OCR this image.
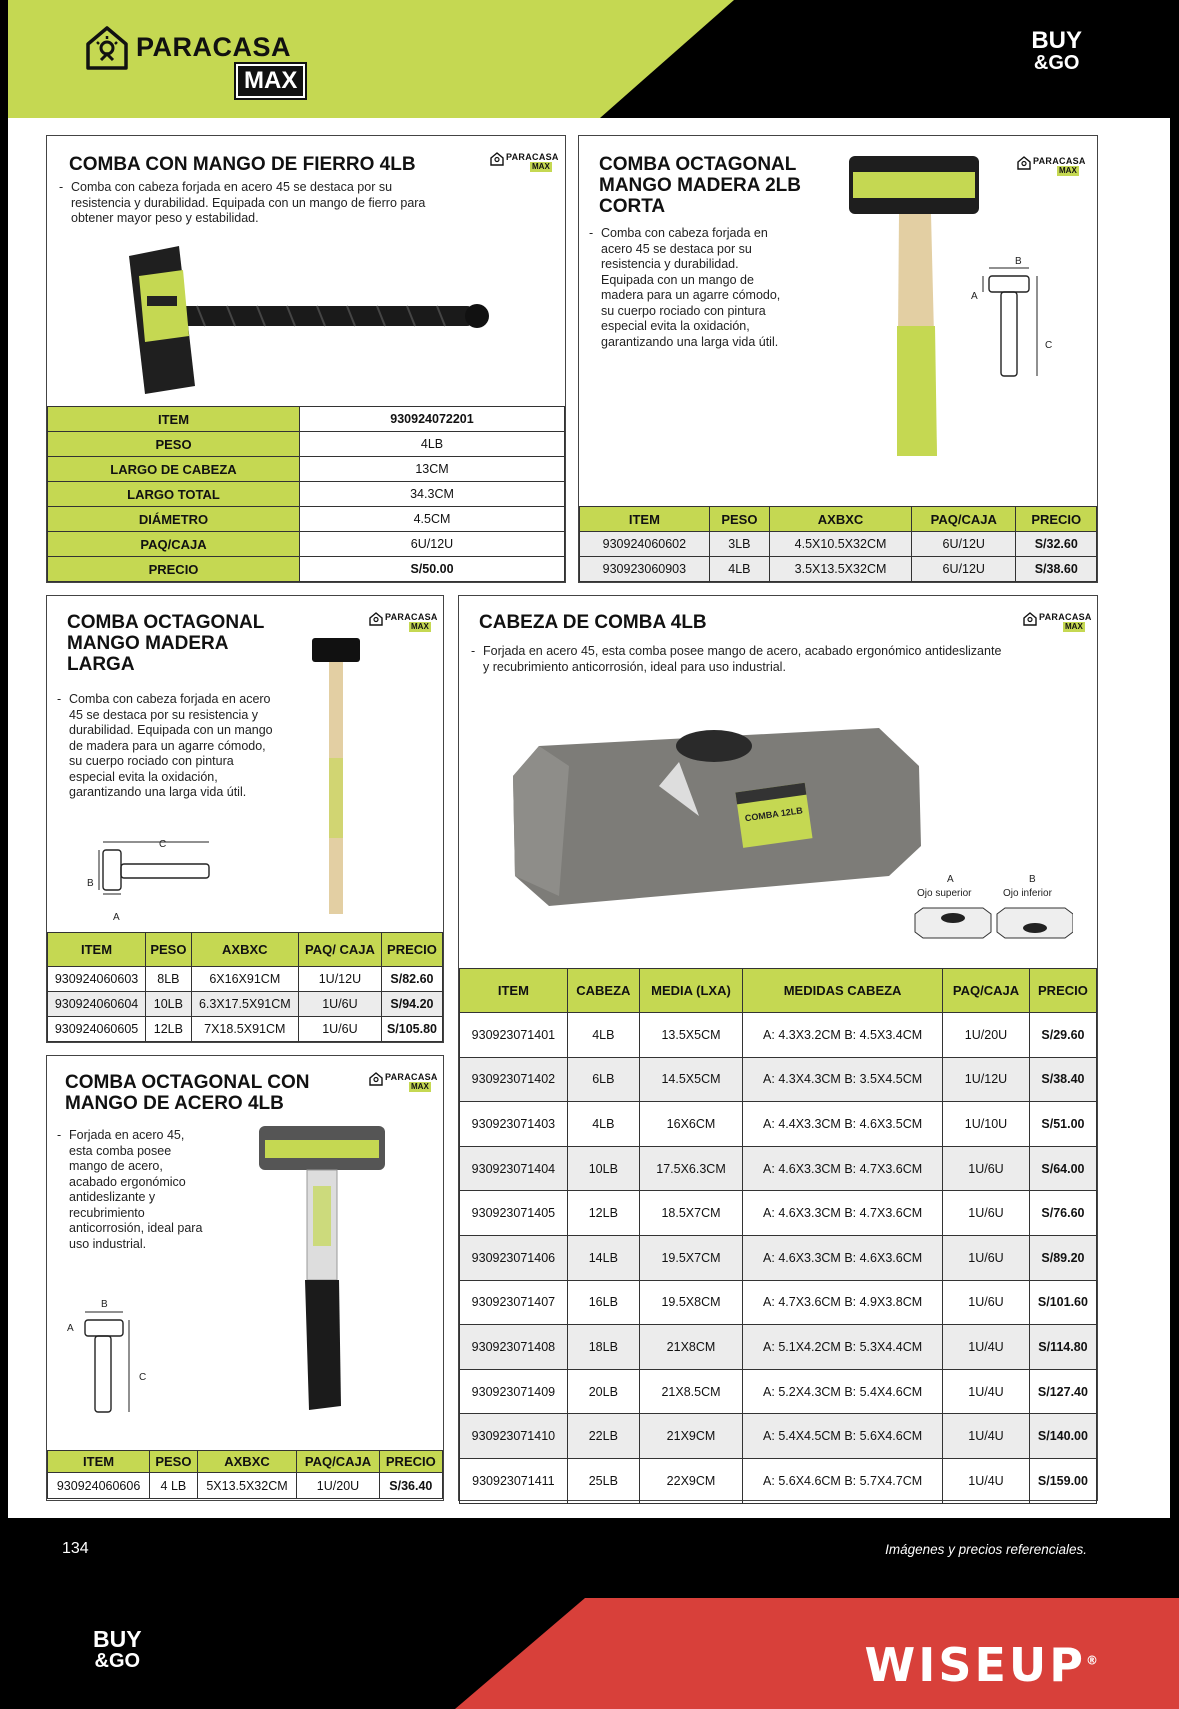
PARACASA
MAX
BUY
&GO
COMBA CON MANGO DE FIERRO 4LB	PARACASA
MAX
- Comba con cabeza forjada en acero 45 se destaca por su resistencia y durabilidad. Equipada con un mango de fierro para obtener mayor peso y estabilidad.
ITEM	930924072201
PESO	4LB
LARGO DE CABEZA	13CM
LARGO TOTAL	34.3CM
DIÁMETRO	4.5CM
PAQ/CAJA	6U/12U
PRECIO	S/50.00
COMBA OCTAGONAL MANGO MADERA 2LB CORTA
PARACASA
MAX
- Comba con cabeza forjada en acero 45 se destaca por su resistencia y durabilidad. Equipada con un mango de madera para un agarre cómodo, su cuerpo rociado con pintura especial evita la oxidación, garantizando una larga vida útil.
B
A
C
ITEM	PESO	AXBXC	PAQ/CAJA	PRECIO
930924060602	3LB	4.5X10.5X32CM	6U/12U	S/32.60
930923060903	4LB	3.5X13.5X32CM	6U/12U	S/38.60
COMBA OCTAGONAL MANGO MADERA LARGA
PARACASA
MAX
- Comba con cabeza forjada en acero 45 se destaca por su resistencia y durabilidad. Equipada con un mango de madera para un agarre cómodo, su cuerpo rociado con pintura especial evita la oxidación, garantizando una larga vida útil.
C
B
A
ITEM	PESO	AXBXC	PAQ/ CAJA	PRECIO
930924060603	8LB	6X16X91CM	1U/12U	S/82.60
930924060604	10LB	6.3X17.5X91CM	1U/6U	S/94.20
930924060605	12LB	7X18.5X91CM	1U/6U	S/105.80
COMBA OCTAGONAL CON MANGO DE ACERO 4LB
PARACASA
MAX
- Forjada en acero 45, esta comba posee mango de acero, acabado ergonómico antideslizante y recubrimiento anticorrosión, ideal para uso industrial.
B
A
C
ITEM	PESO	AXBXC	PAQ/CAJA	PRECIO
930924060606	4 LB	5X13.5X32CM	1U/20U	S/36.40
CABEZA DE COMBA 4LB	PARACASA
MAX
- Forjada en acero 45, esta comba posee mango de acero, acabado ergonómico antideslizante y recubrimiento anticorrosión, ideal para uso industrial.
COMBA 12LB
A
Ojo superior
B
Ojo inferior
ITEM	CABEZA	MEDIA (LXA)	MEDIDAS CABEZA	PAQ/CAJA	PRECIO
930923071401	4LB	13.5X5CM	A: 4.3X3.2CM B: 4.5X3.4CM	1U/20U	S/29.60
930923071402	6LB	14.5X5CM	A: 4.3X4.3CM B: 3.5X4.5CM	1U/12U	S/38.40
930923071403	4LB	16X6CM	A: 4.4X3.3CM B: 4.6X3.5CM	1U/10U	S/51.00
930923071404	10LB	17.5X6.3CM	A: 4.6X3.3CM B: 4.7X3.6CM	1U/6U	S/64.00
930923071405	12LB	18.5X7CM	A: 4.6X3.3CM B: 4.7X3.6CM	1U/6U	S/76.60
930923071406	14LB	19.5X7CM	A: 4.6X3.3CM B: 4.6X3.6CM	1U/6U	S/89.20
930923071407	16LB	19.5X8CM	A: 4.7X3.6CM B: 4.9X3.8CM	1U/6U	S/101.60
930923071408	18LB	21X8CM	A: 5.1X4.2CM B: 5.3X4.4CM	1U/4U	S/114.80
930923071409	20LB	21X8.5CM	A: 5.2X4.3CM B: 5.4X4.6CM	1U/4U	S/127.40
930923071410	22LB	21X9CM	A: 5.4X4.5CM B: 5.6X4.6CM	1U/4U	S/140.00
930923071411	25LB	22X9CM	A: 5.6X4.6CM B: 5.7X4.7CM	1U/4U	S/159.00
134	Imágenes y precios referenciales.
BUY
&GO	WISEUP®
